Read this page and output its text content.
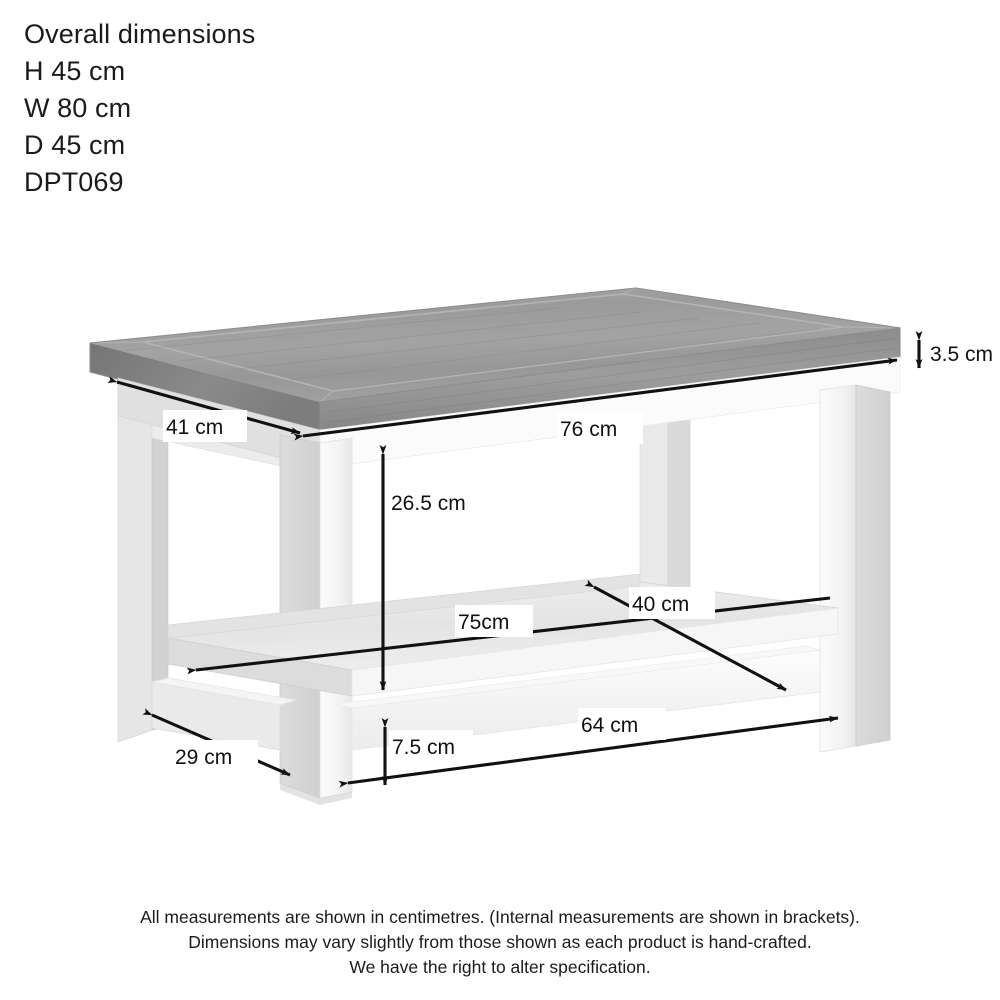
Overall dimensions
H 45 cm
W 80 cm
D 45 cm
DPT069
3.5 cm
41 cm	76 cm
26.5 cm
40 cm
75cm
29 cm	7.5 cm
64 cm
All measurements are shown in centimetres. (Internal measurements are shown in brackets).
Dimensions may vary slightly from those shown as each product is hand-crafted.
We have the right to alter specification.
